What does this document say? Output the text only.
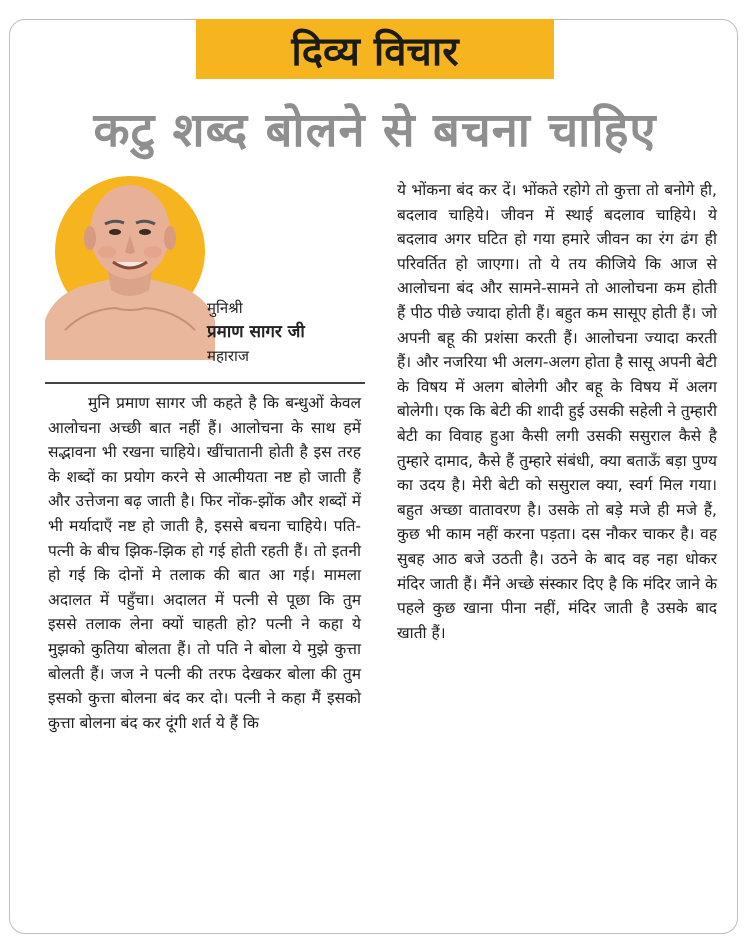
दिव्य विचार
कटु शब्द बोलने से बचना चाहिए
मुनिश्री
प्रमाण सागर जी
महाराज

मुनि प्रमाण सागर जी कहते है कि बन्धुओं केवल आलोचना अच्छी बात नहीं हैं। आलोचना के साथ हमें सद्भावना भी रखना चाहिये। खींचातानी होती है इस तरह के शब्दों का प्रयोग करने से आत्मीयता नष्ट हो जाती हैं और उत्तेजना बढ़ जाती है। फिर नोंक-झोंक और शब्दों में भी मर्यादाएँ नष्ट हो जाती है, इससे बचना चाहिये। पति-पत्नी के बीच झिक-झिक हो गई होती रहती हैं। तो इतनी हो गई कि दोनों मे तलाक की बात आ गई। मामला अदालत में पहुँचा। अदालत में पत्नी से पूछा कि तुम इससे तलाक लेना क्यों चाहती हो? पत्नी ने कहा ये मुझको कुतिया बोलता हैं। तो पति ने बोला ये मुझे कुत्ता बोलती हैं। जज ने पत्नी की तरफ देखकर बोला की तुम इसको कुत्ता बोलना बंद कर दो। पत्नी ने कहा मैं इसको कुत्ता बोलना बंद कर दूंगी शर्त ये हैं कि

ये भोंकना बंद कर दें। भोंकते रहोगे तो कुत्ता तो बनोगे ही, बदलाव चाहिये। जीवन में स्थाई बदलाव चाहिये। ये बदलाव अगर घटित हो गया हमारे जीवन का रंग ढंग ही परिवर्तित हो जाएगा। तो ये तय कीजिये कि आज से आलोचना बंद और सामने-सामने तो आलोचना कम होती हैं पीठ पीछे ज्यादा होती हैं। बहुत कम सासूए होती हैं। जो अपनी बहू की प्रशंसा करती हैं। आलोचना ज्यादा करती हैं। और नजरिया भी अलग-अलग होता है सासू अपनी बेटी के विषय में अलग बोलेगी और बहू के विषय में अलग बोलेगी। एक कि बेटी की शादी हुई उसकी सहेली ने तुम्हारी बेटी का विवाह हुआ कैसी लगी उसकी ससुराल कैसे है तुम्हारे दामाद, कैसे हैं तुम्हारे संबंधी, क्या बताऊँ बड़ा पुण्य का उदय है। मेरी बेटी को ससुराल क्या, स्वर्ग मिल गया। बहुत अच्छा वातावरण है। उसके तो बड़े मजे ही मजे हैं, कुछ भी काम नहीं करना पड़ता। दस नौकर चाकर है। वह सुबह आठ बजे उठती है। उठने के बाद वह नहा धोकर मंदिर जाती हैं। मैंने अच्छे संस्कार दिए है कि मंदिर जाने के पहले कुछ खाना पीना नहीं, मंदिर जाती है उसके बाद खाती हैं।
